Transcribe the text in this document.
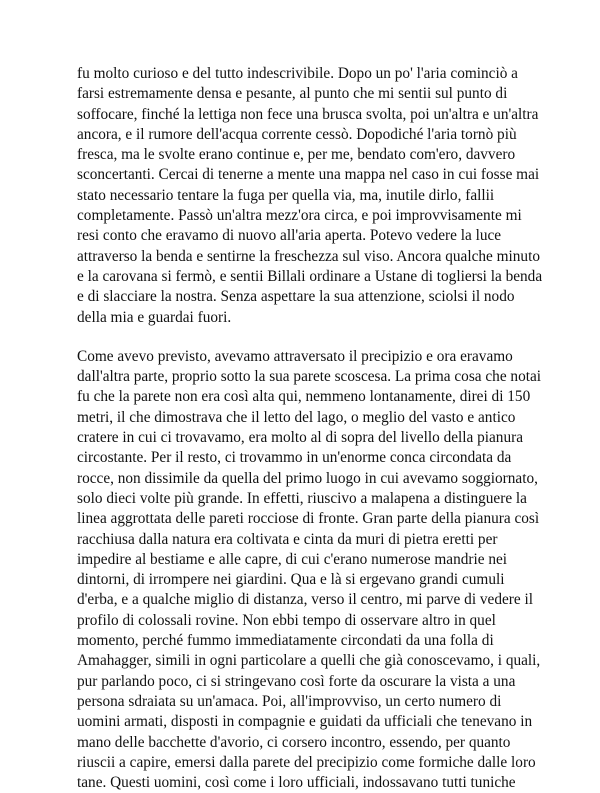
fu molto curioso e del tutto indescrivibile. Dopo un po' l'aria cominciò a
farsi estremamente densa e pesante, al punto che mi sentii sul punto di
soffocare, finché la lettiga non fece una brusca svolta, poi un'altra e un'altra
ancora, e il rumore dell'acqua corrente cessò. Dopodiché l'aria tornò più
fresca, ma le svolte erano continue e, per me, bendato com'ero, davvero
sconcertanti. Cercai di tenerne a mente una mappa nel caso in cui fosse mai
stato necessario tentare la fuga per quella via, ma, inutile dirlo, fallii
completamente. Passò un'altra mezz'ora circa, e poi improvvisamente mi
resi conto che eravamo di nuovo all'aria aperta. Potevo vedere la luce
attraverso la benda e sentirne la freschezza sul viso. Ancora qualche minuto
e la carovana si fermò, e sentii Billali ordinare a Ustane di togliersi la benda
e di slacciare la nostra. Senza aspettare la sua attenzione, sciolsi il nodo
della mia e guardai fuori.
Come avevo previsto, avevamo attraversato il precipizio e ora eravamo
dall'altra parte, proprio sotto la sua parete scoscesa. La prima cosa che notai
fu che la parete non era così alta qui, nemmeno lontanamente, direi di 150
metri, il che dimostrava che il letto del lago, o meglio del vasto e antico
cratere in cui ci trovavamo, era molto al di sopra del livello della pianura
circostante. Per il resto, ci trovammo in un'enorme conca circondata da
rocce, non dissimile da quella del primo luogo in cui avevamo soggiornato,
solo dieci volte più grande. In effetti, riuscivo a malapena a distinguere la
linea aggrottata delle pareti rocciose di fronte. Gran parte della pianura così
racchiusa dalla natura era coltivata e cinta da muri di pietra eretti per
impedire al bestiame e alle capre, di cui c'erano numerose mandrie nei
dintorni, di irrompere nei giardini. Qua e là si ergevano grandi cumuli
d'erba, e a qualche miglio di distanza, verso il centro, mi parve di vedere il
profilo di colossali rovine. Non ebbi tempo di osservare altro in quel
momento, perché fummo immediatamente circondati da una folla di
Amahagger, simili in ogni particolare a quelli che già conoscevamo, i quali,
pur parlando poco, ci si stringevano così forte da oscurare la vista a una
persona sdraiata su un'amaca. Poi, all'improvviso, un certo numero di
uomini armati, disposti in compagnie e guidati da ufficiali che tenevano in
mano delle bacchette d'avorio, ci corsero incontro, essendo, per quanto
riuscii a capire, emersi dalla parete del precipizio come formiche dalle loro
tane. Questi uomini, così come i loro ufficiali, indossavano tutti tuniche
